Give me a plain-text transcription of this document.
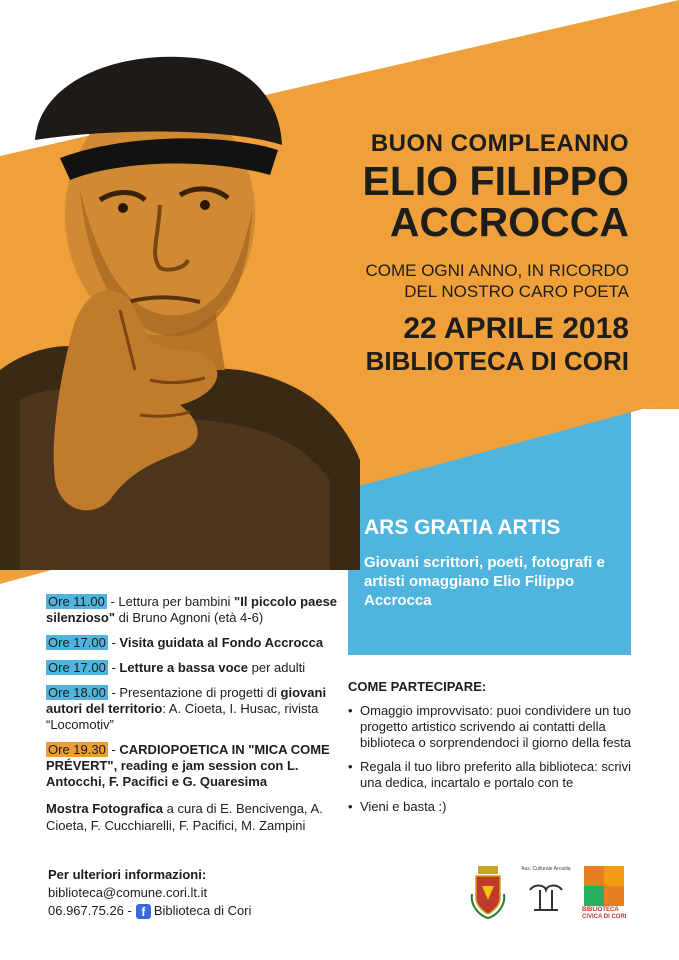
BUON COMPLEANNO
ELIO FILIPPO
ACCROCCA
COME OGNI ANNO, IN RICORDO
DEL NOSTRO CARO POETA
22 APRILE 2018
BIBLIOTECA DI CORI
ARS GRATIA ARTIS
Giovani scrittori, poeti, fotografi e artisti omaggiano Elio Filippo Accrocca
Ore 11.00 - Lettura per bambini "Il piccolo paese silenzioso" di Bruno Agnoni (età 4-6)
Ore 17.00 - Visita guidata al Fondo Accrocca
Ore 17.00 - Letture a bassa voce per adulti
Ore 18.00 - Presentazione di progetti di giovani autori del territorio: A. Cioeta, I. Husac, rivista “Locomotiv”
Ore 19.30 - CARDIOPOETICA IN "MICA COME PRÉVERT", reading e jam session con L. Antocchi, F. Pacifici e G. Quaresima
Mostra Fotografica a cura di E. Bencivenga, A. Cioeta, F. Cucchiarelli, F. Pacifici, M. Zampini
COME PARTECIPARE:
• Omaggio improvvisato: puoi condividere un tuo progetto artistico scrivendo ai contatti della biblioteca o sorprendendoci il giorno della festa
• Regala il tuo libro preferito alla biblioteca: scrivi una dedica, incartalo e portalo con te
• Vieni e basta :)
Per ulteriori informazioni:
biblioteca@comune.cori.lt.it
06.967.75.26 - f Biblioteca di Cori
Ass. Culturale Arcadia
BIBLIOTECA
CIVICA DI CORI
